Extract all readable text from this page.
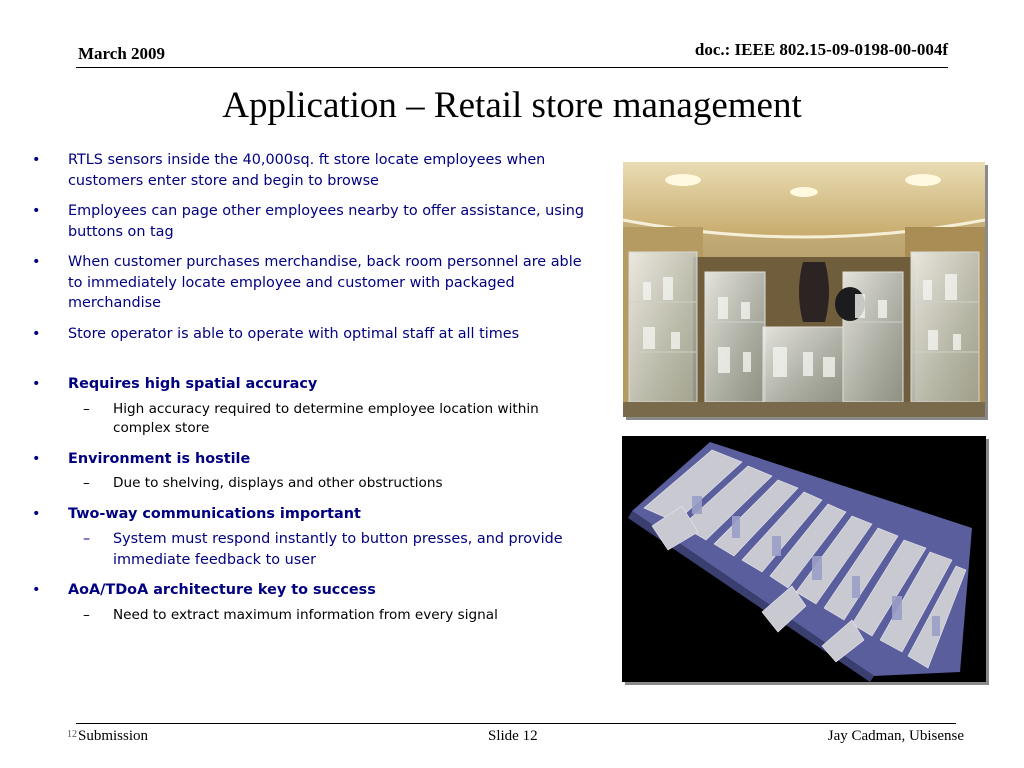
March 2009	doc.: IEEE 802.15-09-0198-00-004f
Application – Retail store management
• RTLS sensors inside the 40,000sq. ft store locate employees when customers enter store and begin to browse
• Employees can page other employees nearby to offer assistance, using buttons on tag
• When customer purchases merchandise, back room personnel are able to immediately locate employee and customer with packaged merchandise
• Store operator is able to operate with optimal staff at all times
• Requires high spatial accuracy
– High accuracy required to determine employee location within complex store
• Environment is hostile
– Due to shelving, displays and other obstructions
• Two-way communications important
– System must respond instantly to button presses, and provide immediate feedback to user
• AoA/TDoA architecture key to success
– Need to extract maximum information from every signal
12 Submission	Slide 12	Jay Cadman, Ubisense
